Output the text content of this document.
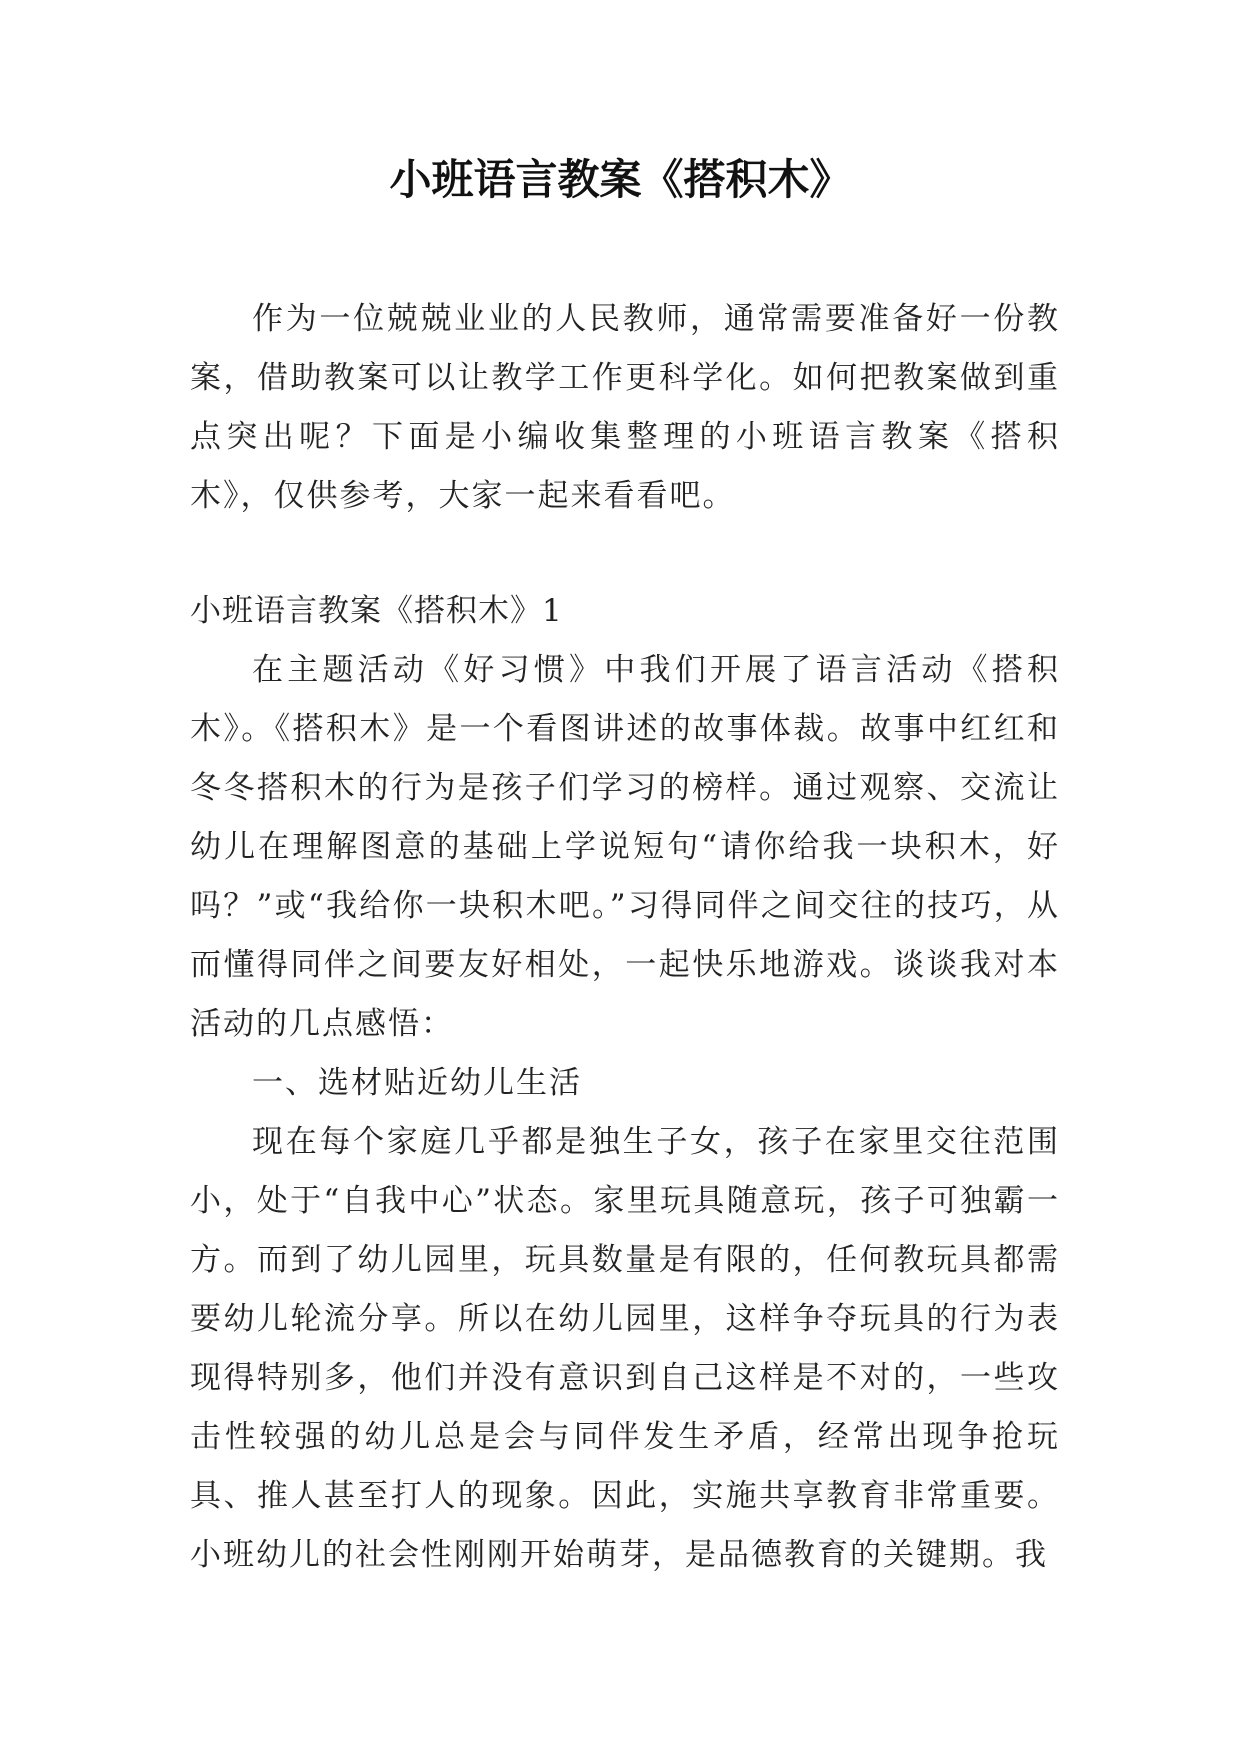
小班语言教案《搭积木》

作为一位兢兢业业的人民教师，通常需要准备好一份教案，借助教案可以让教学工作更科学化。如何把教案做到重点突出呢？下面是小编收集整理的小班语言教案《搭积木》，仅供参考，大家一起来看看吧。

小班语言教案《搭积木》1

在主题活动《好习惯》中我们开展了语言活动《搭积木》。《搭积木》是一个看图讲述的故事体裁。故事中红红和冬冬搭积木的行为是孩子们学习的榜样。通过观察、交流让幼儿在理解图意的基础上学说短句“请你给我一块积木，好吗？”或“我给你一块积木吧。”习得同伴之间交往的技巧，从而懂得同伴之间要友好相处，一起快乐地游戏。谈谈我对本活动的几点感悟：

一、选材贴近幼儿生活

现在每个家庭几乎都是独生子女，孩子在家里交往范围小，处于“自我中心”状态。家里玩具随意玩，孩子可独霸一方。而到了幼儿园里，玩具数量是有限的，任何教玩具都需要幼儿轮流分享。所以在幼儿园里，这样争夺玩具的行为表现得特别多，他们并没有意识到自己这样是不对的，一些攻击性较强的幼儿总是会与同伴发生矛盾，经常出现争抢玩具、推人甚至打人的现象。因此，实施共享教育非常重要。小班幼儿的社会性刚刚开始萌芽，是品德教育的关键期。我
